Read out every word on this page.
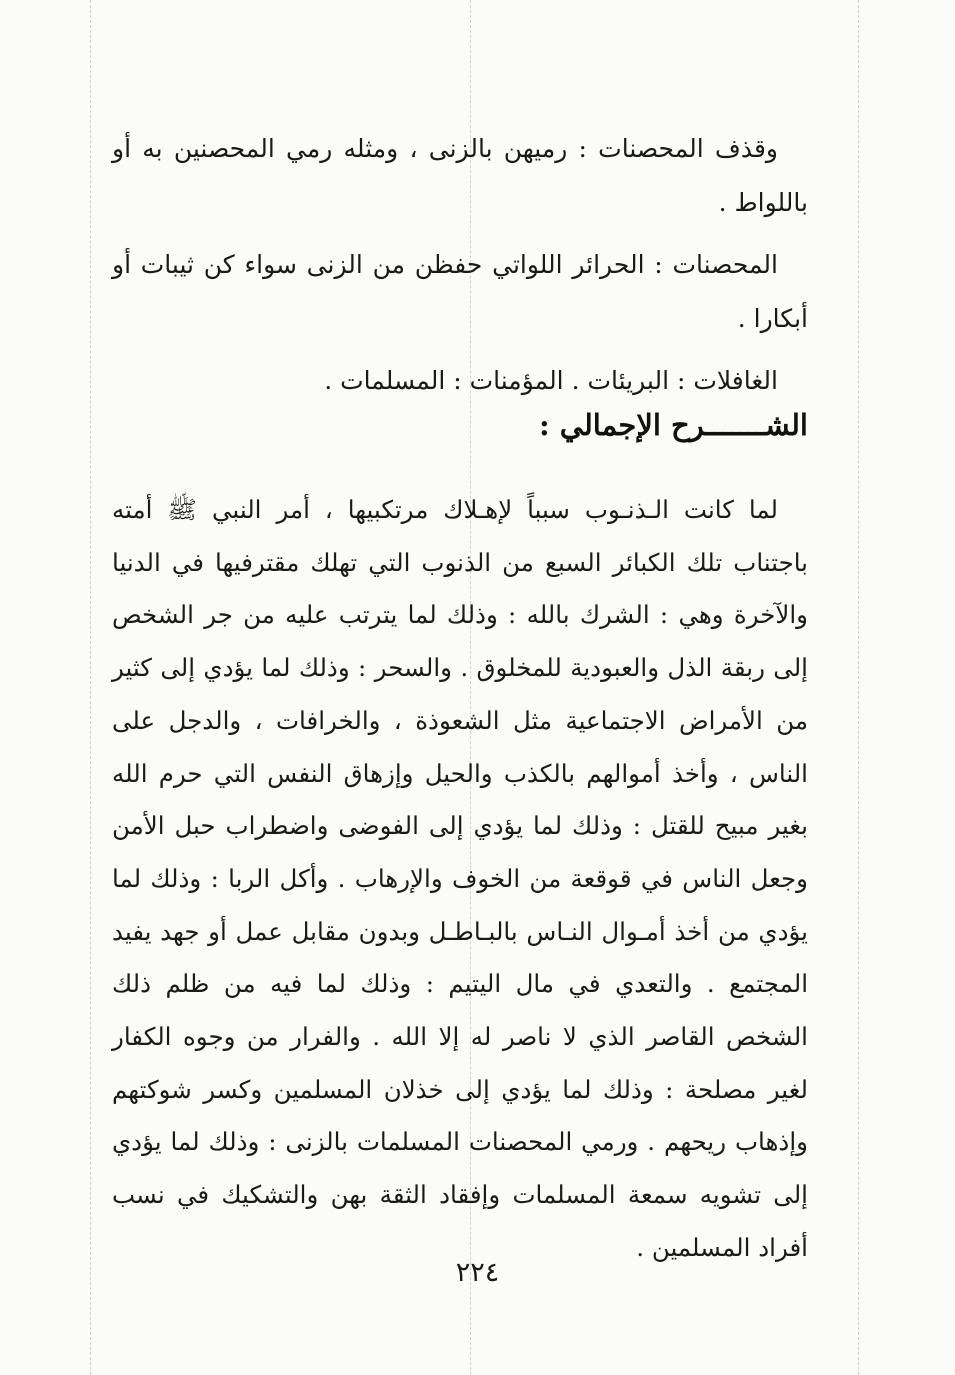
وقذف المحصنات : رميهن بالزنى ، ومثله رمي المحصنين به أو باللواط .

المحصنات : الحرائر اللواتي حفظن من الزنى سواء كن ثيبات أو أبكارا .

الغافلات : البريئات . المؤمنات : المسلمات .

الشـــــــرح الإجمالي :

لما كانت الـذنـوب سبباً لإهـلاك مرتكبيها ، أمر النبي ﷺ أمته باجتناب تلك الكبائر السبع من الذنوب التي تهلك مقترفيها في الدنيا والآخرة وهي : الشرك بالله : وذلك لما يترتب عليه من جر الشخص إلى ربقة الذل والعبودية للمخلوق . والسحر : وذلك لما يؤدي إلى كثير من الأمراض الاجتماعية مثل الشعوذة ، والخرافات ، والدجل على الناس ، وأخذ أموالهم بالكذب والحيل وإزهاق النفس التي حرم الله بغير مبيح للقتل : وذلك لما يؤدي إلى الفوضى واضطراب حبل الأمن وجعل الناس في قوقعة من الخوف والإرهاب . وأكل الربا : وذلك لما يؤدي من أخذ أمـوال النـاس بالبـاطـل وبدون مقابل عمل أو جهد يفيد المجتمع . والتعدي في مال اليتيم : وذلك لما فيه من ظلم ذلك الشخص القاصر الذي لا ناصر له إلا الله . والفرار من وجوه الكفار لغير مصلحة : وذلك لما يؤدي إلى خذلان المسلمين وكسر شوكتهم وإذهاب ريحهم . ورمي المحصنات المسلمات بالزنى : وذلك لما يؤدي إلى تشويه سمعة المسلمات وإفقاد الثقة بهن والتشكيك في نسب أفراد المسلمين .

٢٢٤
